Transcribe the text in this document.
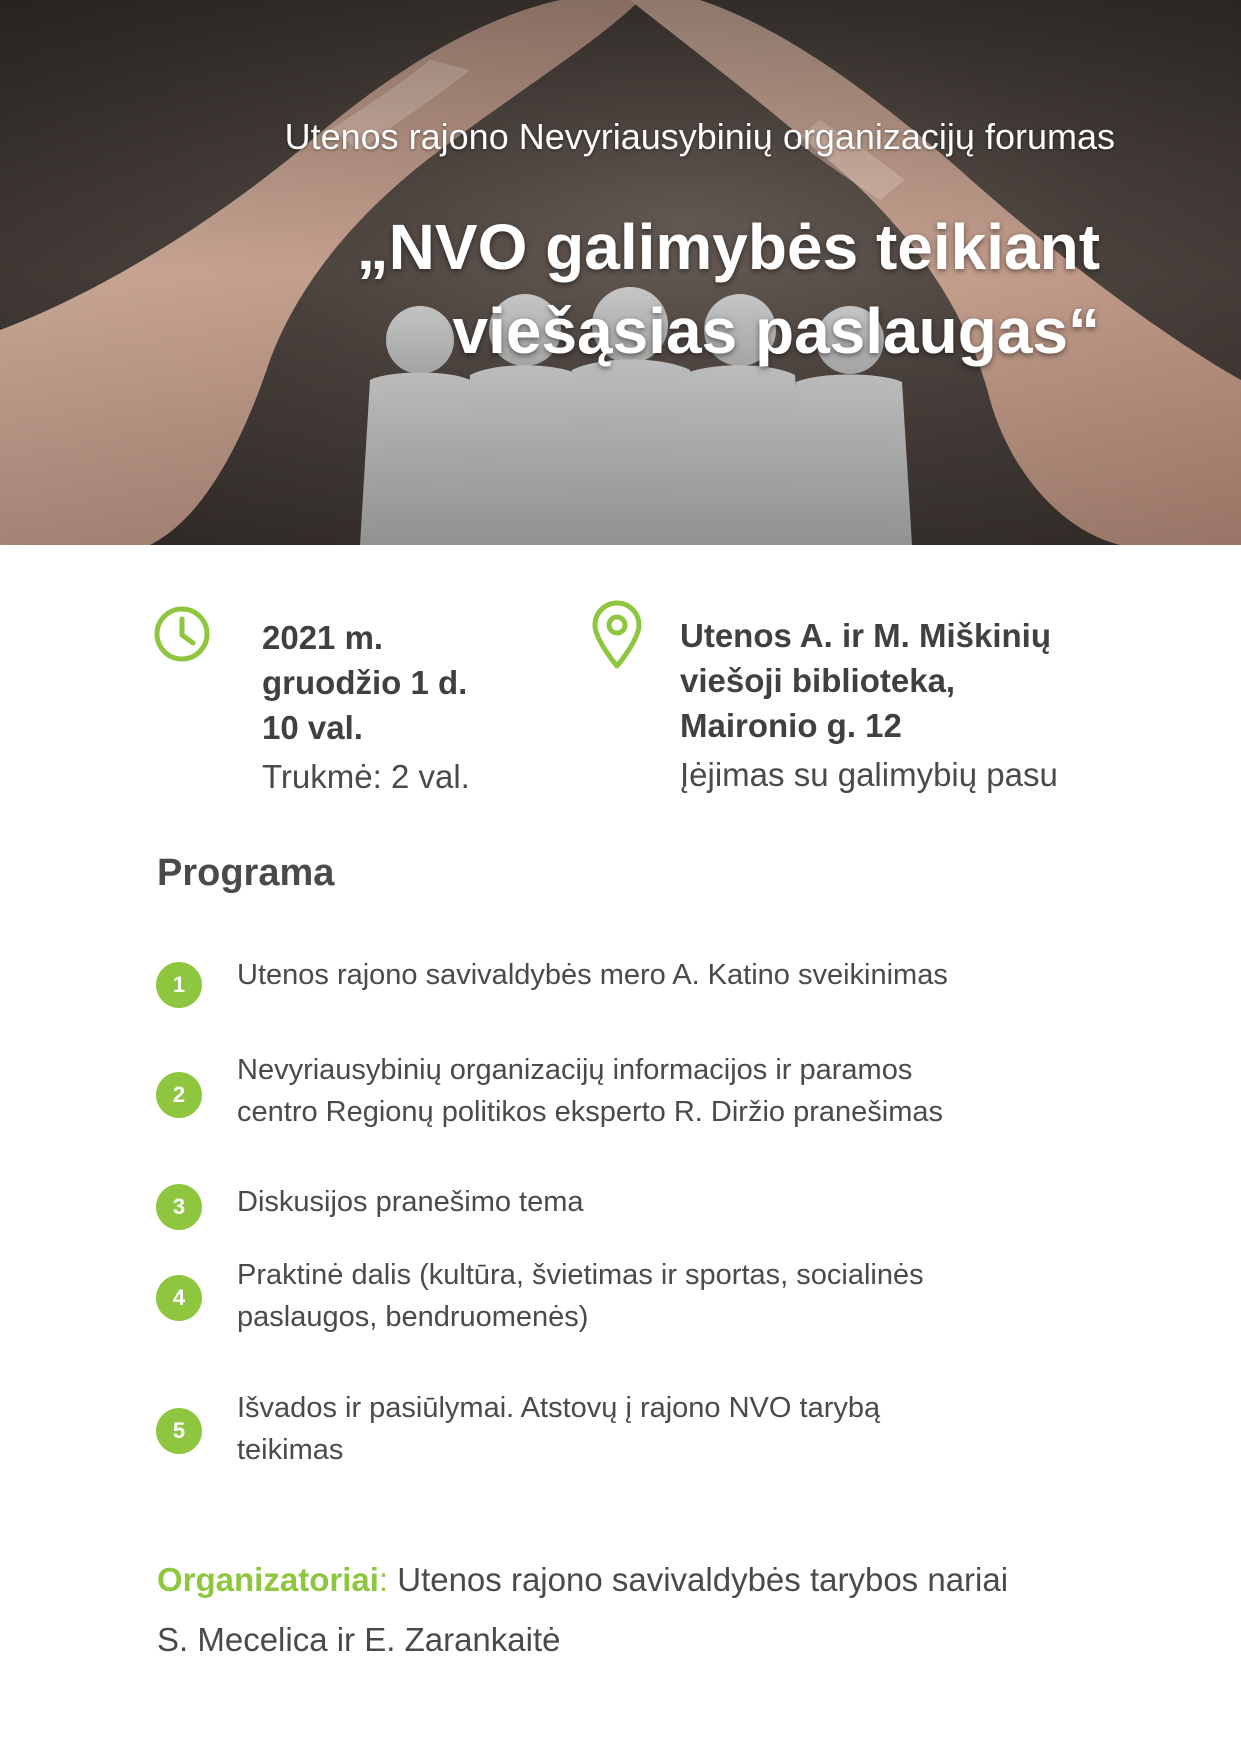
Utenos rajono Nevyriausybinių organizacijų forumas
„NVO galimybės teikiant
viešąsias paslaugas“
2021 m.
gruodžio 1 d.
10 val.
Trukmė: 2 val.
Utenos A. ir M. Miškinių
viešoji biblioteka,
Maironio g. 12
Įėjimas su galimybių pasu
Programa
1	Utenos rajono savivaldybės mero A. Katino sveikinimas
2
Nevyriausybinių organizacijų informacijos ir paramos
centro Regionų politikos eksperto R. Diržio pranešimas
3	Diskusijos pranešimo tema
4
Praktinė dalis (kultūra, švietimas ir sportas, socialinės
paslaugos, bendruomenės)
5
Išvados ir pasiūlymai. Atstovų į rajono NVO tarybą
teikimas
Organizatoriai: Utenos rajono savivaldybės tarybos nariai
S. Mecelica ir E. Zarankaitė
